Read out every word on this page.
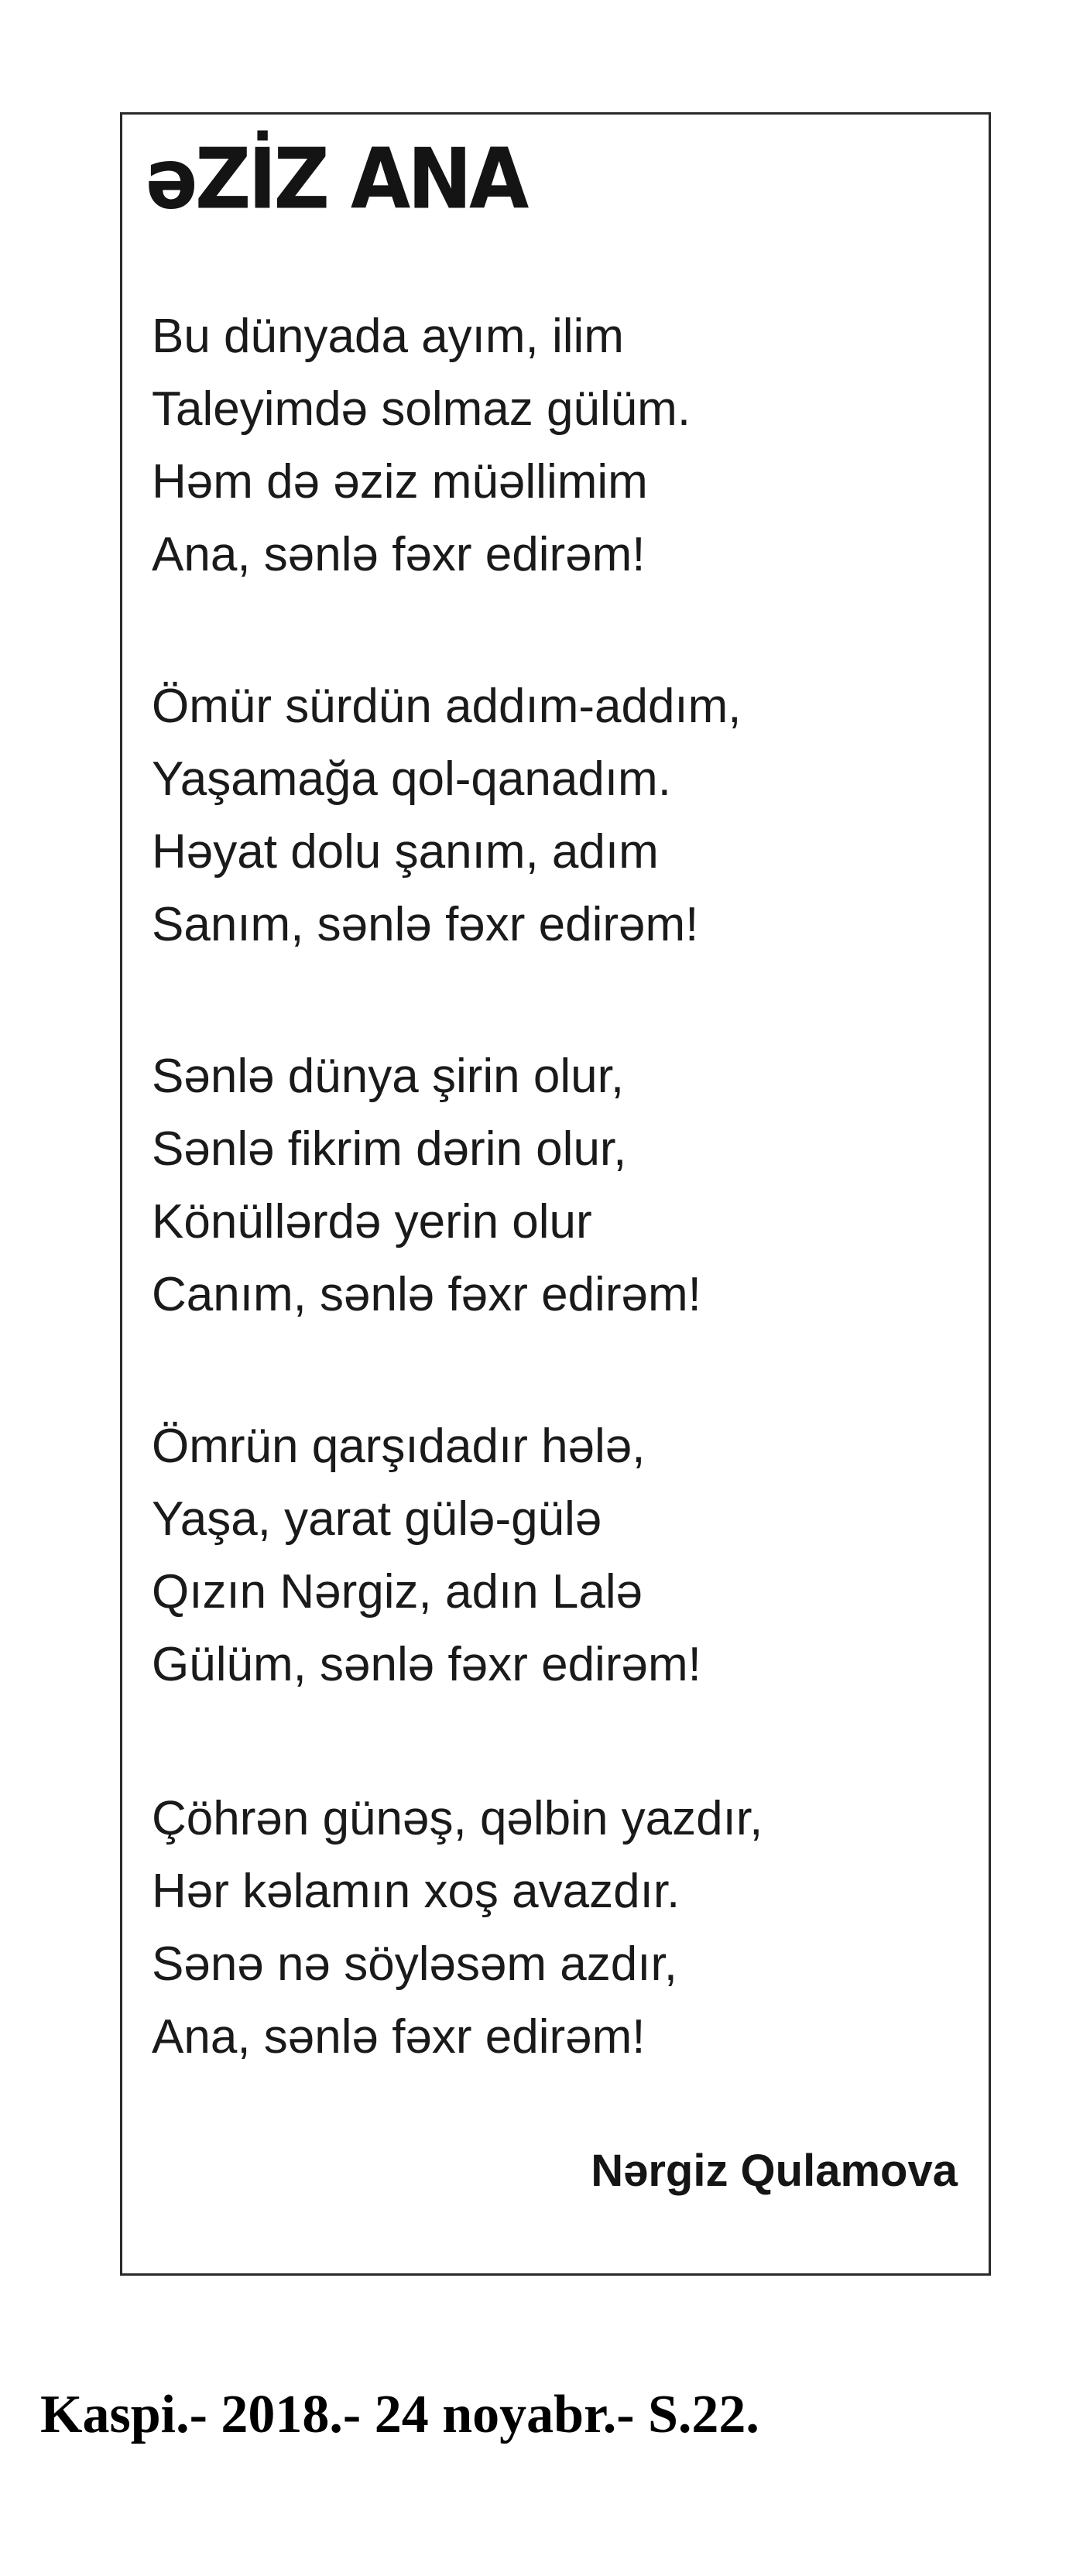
əZİZ ANA
Bu dünyada ayım, ilim
Taleyimdə solmaz gülüm.
Həm də əziz müəllimim
Ana, sənlə fəxr edirəm!
Ömür sürdün addım-addım,
Yaşamağa qol-qanadım.
Həyat dolu şanım, adım
Sanım, sənlə fəxr edirəm!
Sənlə dünya şirin olur,
Sənlə fikrim dərin olur,
Könüllərdə yerin olur
Canım, sənlə fəxr edirəm!
Ömrün qarşıdadır hələ,
Yaşa, yarat gülə-gülə
Qızın Nərgiz, adın Lalə
Gülüm, sənlə fəxr edirəm!
Çöhrən günəş, qəlbin yazdır,
Hər kəlamın xoş avazdır.
Sənə nə söyləsəm azdır,
Ana, sənlə fəxr edirəm!
Nərgiz Qulamova
Kaspi.- 2018.- 24 noyabr.- S.22.
